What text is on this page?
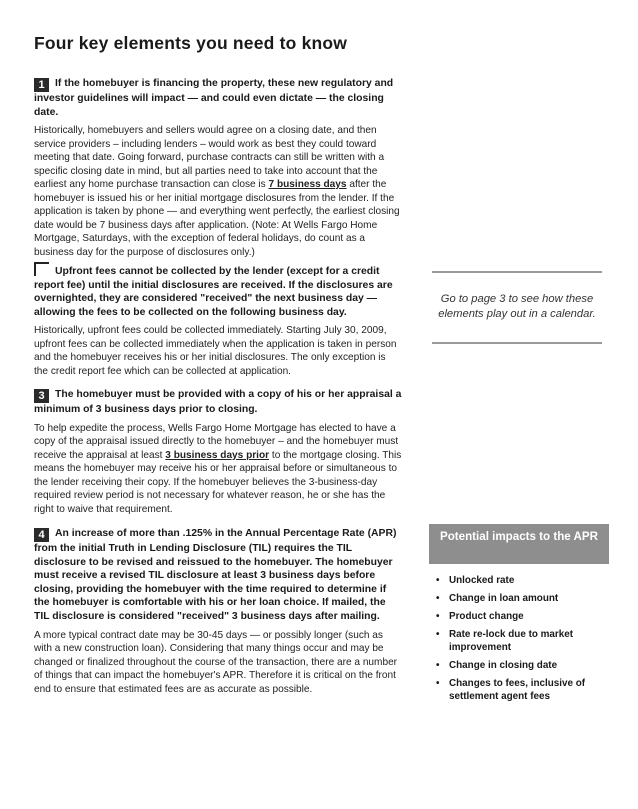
Four key elements you need to know
1 If the homebuyer is financing the property, these new regulatory and investor guidelines will impact — and could even dictate — the closing date.
Historically, homebuyers and sellers would agree on a closing date, and then service providers – including lenders – would work as best they could toward meeting that date. Going forward, purchase contracts can still be written with a specific closing date in mind, but all parties need to take into account that the earliest any home purchase transaction can close is 7 business days after the homebuyer is issued his or her initial mortgage disclosures from the lender. If the application is taken by phone — and everything went perfectly, the earliest closing date would be 7 business days after application. (Note: At Wells Fargo Home Mortgage, Saturdays, with the exception of federal holidays, do count as a business day for the purpose of disclosures only.)
Upfront fees cannot be collected by the lender (except for a credit report fee) until the initial disclosures are received. If the disclosures are overnighted, they are considered "received" the next business day — allowing the fees to be collected on the following business day.
Historically, upfront fees could be collected immediately. Starting July 30, 2009, upfront fees can be collected immediately when the application is taken in person and the homebuyer receives his or her initial disclosures. The only exception is the credit report fee which can be collected at application.
3 The homebuyer must be provided with a copy of his or her appraisal a minimum of 3 business days prior to closing.
To help expedite the process, Wells Fargo Home Mortgage has elected to have a copy of the appraisal issued directly to the homebuyer – and the homebuyer must receive the appraisal at least 3 business days prior to the mortgage closing. This means the homebuyer may receive his or her appraisal before or simultaneous to the lender receiving their copy. If the homebuyer believes the 3-business-day required review period is not necessary for whatever reason, he or she has the right to waive that requirement.
4 An increase of more than .125% in the Annual Percentage Rate (APR) from the initial Truth in Lending Disclosure (TIL) requires the TIL disclosure to be revised and reissued to the homebuyer. The homebuyer must receive a revised TIL disclosure at least 3 business days before closing, providing the homebuyer with the time required to determine if the homebuyer is comfortable with his or her loan choice. If mailed, the TIL disclosure is considered "received" 3 business days after mailing.
A more typical contract date may be 30-45 days — or possibly longer (such as with a new construction loan). Considering that many things occur and may be changed or finalized throughout the course of the transaction, there are a number of things that can impact the homebuyer's APR. Therefore it is critical on the front end to ensure that estimated fees are as accurate as possible.
Go to page 3 to see how these elements play out in a calendar.
Potential impacts to the APR
• Unlocked rate
• Change in loan amount
• Product change
• Rate re-lock due to market improvement
• Change in closing date
• Changes to fees, inclusive of settlement agent fees
